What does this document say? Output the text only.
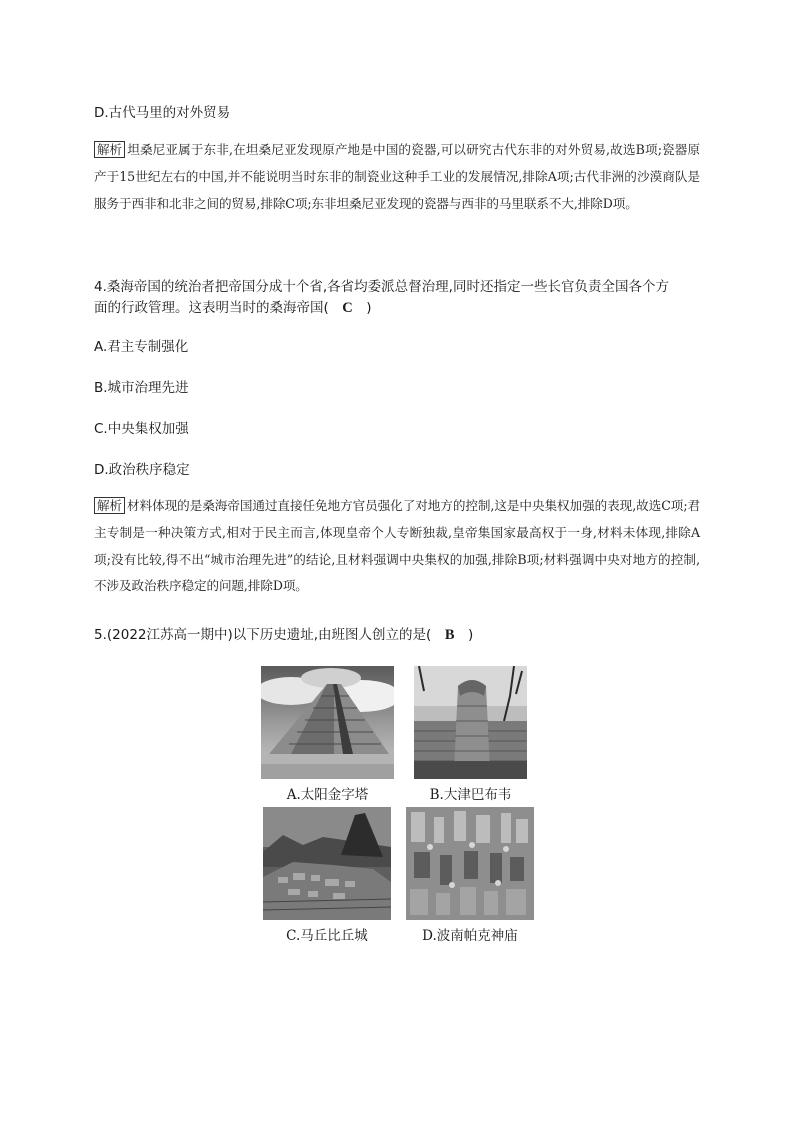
D.古代马里的对外贸易
解析 坦桑尼亚属于东非,在坦桑尼亚发现原产地是中国的瓷器,可以研究古代东非的对外贸易,故选B项;瓷器原产于15世纪左右的中国,并不能说明当时东非的制瓷业这种手工业的发展情况,排除A项;古代非洲的沙漠商队是服务于西非和北非之间的贸易,排除C项;东非坦桑尼亚发现的瓷器与西非的马里联系不大,排除D项。
4.桑海帝国的统治者把帝国分成十个省,各省均委派总督治理,同时还指定一些长官负责全国各个方
面的行政管理。这表明当时的桑海帝国(　C　)
A.君主专制强化
B.城市治理先进
C.中央集权加强
D.政治秩序稳定
解析 材料体现的是桑海帝国通过直接任免地方官员强化了对地方的控制,这是中央集权加强的表现,故选C项;君主专制是一种决策方式,相对于民主而言,体现皇帝个人专断独裁,皇帝集国家最高权于一身,材料未体现,排除A项;没有比较,得不出“城市治理先进”的结论,且材料强调中央集权的加强,排除B项;材料强调中央对地方的控制,不涉及政治秩序稳定的问题,排除D项。
5.(2022江苏高一期中)以下历史遗址,由班图人创立的是(　B　)
A.太阳金字塔	B.大津巴布韦
C.马丘比丘城	D.波南帕克神庙
